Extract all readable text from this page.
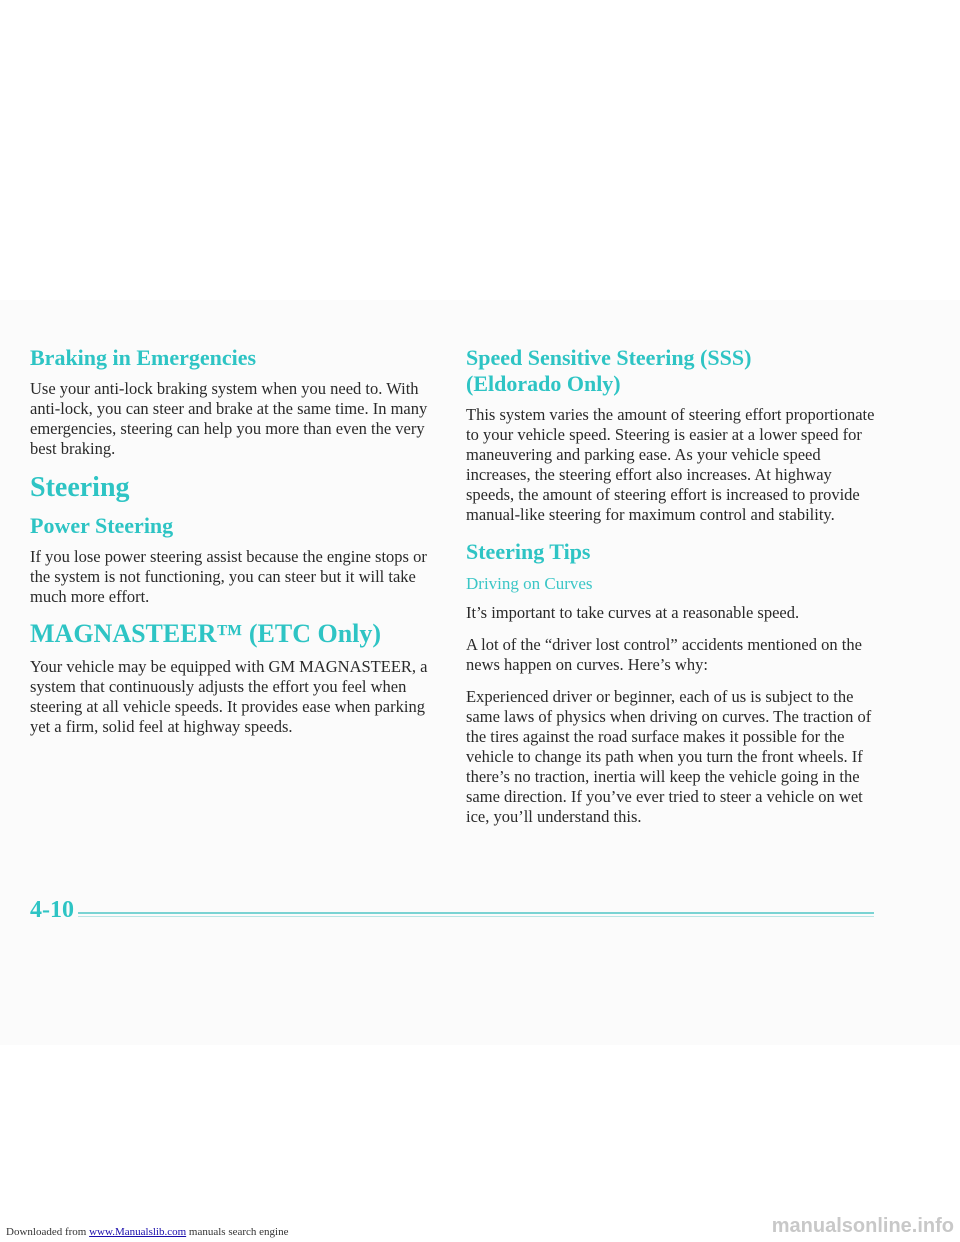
Braking in Emergencies

Use your anti-lock braking system when you need to. With anti-lock, you can steer and brake at the same time. In many emergencies, steering can help you more than even the very best braking.

Steering
Power Steering

If you lose power steering assist because the engine stops or the system is not functioning, you can steer but it will take much more effort.

MAGNASTEER™ (ETC Only)

Your vehicle may be equipped with GM MAGNASTEER, a system that continuously adjusts the effort you feel when steering at all vehicle speeds. It provides ease when parking yet a firm, solid feel at highway speeds.

Speed Sensitive Steering (SSS) (Eldorado Only)

This system varies the amount of steering effort proportionate to your vehicle speed. Steering is easier at a lower speed for maneuvering and parking ease. As your vehicle speed increases, the steering effort also increases. At highway speeds, the amount of steering effort is increased to provide manual-like steering for maximum control and stability.

Steering Tips
Driving on Curves

It’s important to take curves at a reasonable speed.

A lot of the “driver lost control” accidents mentioned on the news happen on curves. Here’s why:

Experienced driver or beginner, each of us is subject to the same laws of physics when driving on curves. The traction of the tires against the road surface makes it possible for the vehicle to change its path when you turn the front wheels. If there’s no traction, inertia will keep the vehicle going in the same direction. If you’ve ever tried to steer a vehicle on wet ice, you’ll understand this.

4-10
Downloaded from www.Manualslib.com manuals search engine	manualsonline.info
